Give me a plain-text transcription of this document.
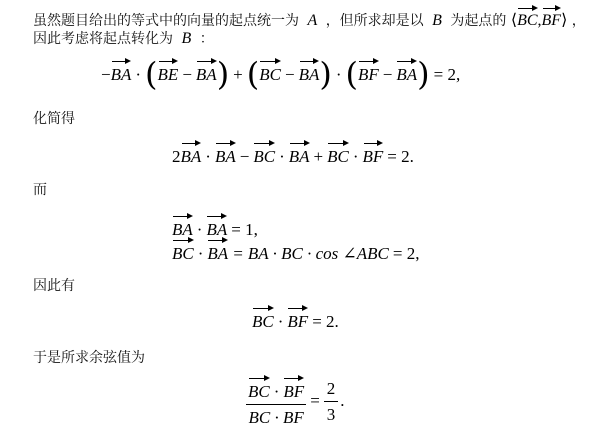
虽然题目给出的等式中的向量的起点统一为 A ，但所求却是以 B 为起点的 ⟨BC,BF⟩ ，
因此考虑将起点转化为 B ：
−BA · (BE − BA) + (BC − BA) · (BF − BA) = 2,
化简得
2BA · BA − BC · BA + BC · BF = 2.
而
BA · BA = 1,
BC · BA = BA · BC · cos ∠ABC = 2,
因此有
BC · BF = 2.
于是所求余弦值为
$\frac{BC \cdot BF}{BC \cdot BF} = \frac{2}{3}$ .
